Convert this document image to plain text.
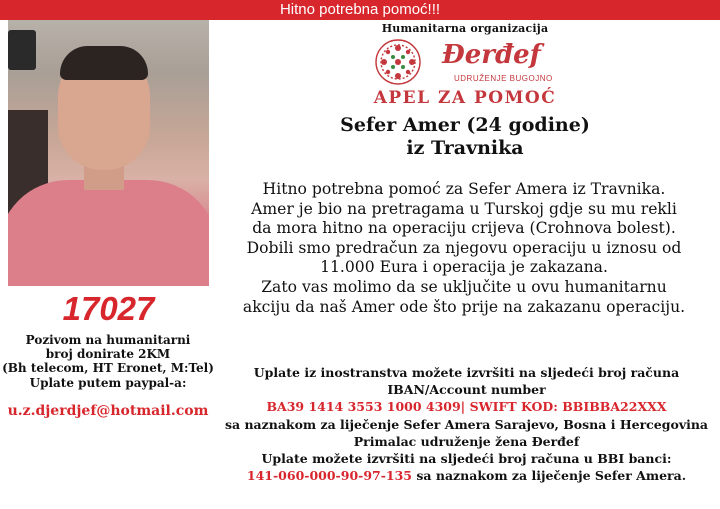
Hitno potrebna pomoć!!!
17027
Pozivom na humanitarni
broj donirate 2KM
(Bh telecom, HT Eronet, M:Tel)
Uplate putem paypal-a:
u.z.djerdjef@hotmail.com
Humanitarna organizacija
Đerđef
UDRUŽENJE BUGOJNO
APEL ZA POMOĆ
Sefer Amer (24 godine)
iz Travnika
Hitno potrebna pomoć za Sefer Amera iz Travnika.
Amer je bio na pretragama u Turskoj gdje su mu rekli
da mora hitno na operaciju crijeva (Crohnova bolest).
Dobili smo predračun za njegovu operaciju u iznosu od
11.000 Eura i operacija je zakazana.
Zato vas molimo da se uključite u ovu humanitarnu
akciju da naš Amer ode što prije na zakazanu operaciju.
Uplate iz inostranstva možete izvršiti na sljedeći broj računa
IBAN/Account number
BA39 1414 3553 1000 4309| SWIFT KOD: BBIBBA22XXX
sa naznakom za liječenje Sefer Amera Sarajevo, Bosna i Hercegovina
Primalac udruženje žena Đerđef
Uplate možete izvršiti na sljedeći broj računa u BBI banci:
141-060-000-90-97-135 sa naznakom za liječenje Sefer Amera.
